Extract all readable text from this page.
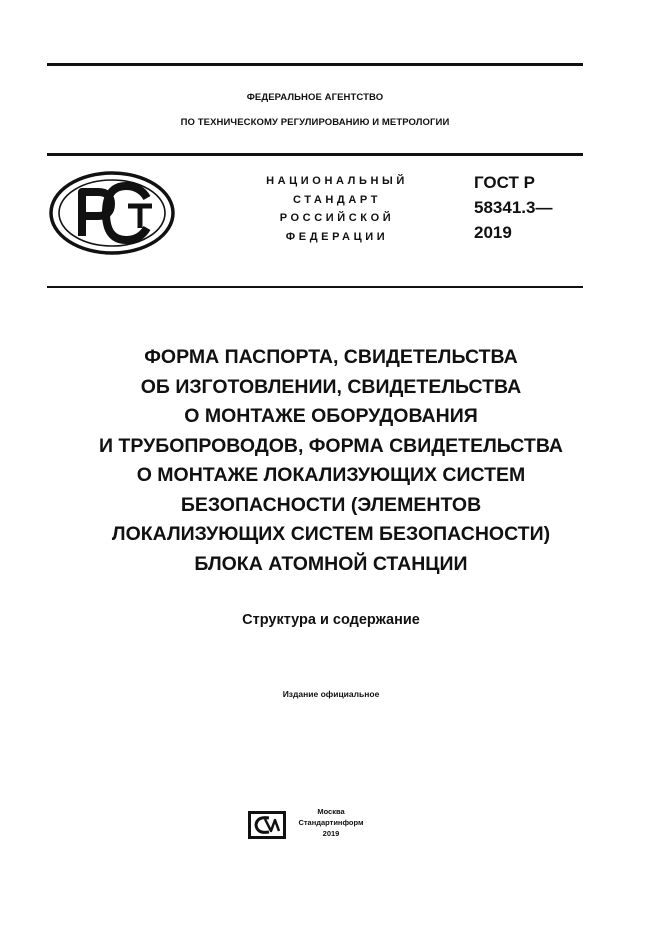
ФЕДЕРАЛЬНОЕ АГЕНТСТВО
ПО ТЕХНИЧЕСКОМУ РЕГУЛИРОВАНИЮ И МЕТРОЛОГИИ
НАЦИОНАЛЬНЫЙ
СТАНДАРТ
РОССИЙСКОЙ
ФЕДЕРАЦИИ
ГОСТ Р
58341.3—
2019
ФОРМА ПАСПОРТА, СВИДЕТЕЛЬСТВА
ОБ ИЗГОТОВЛЕНИИ, СВИДЕТЕЛЬСТВА
О МОНТАЖЕ ОБОРУДОВАНИЯ
И ТРУБОПРОВОДОВ, ФОРМА СВИДЕТЕЛЬСТВА
О МОНТАЖЕ ЛОКАЛИЗУЮЩИХ СИСТЕМ
БЕЗОПАСНОСТИ (ЭЛЕМЕНТОВ
ЛОКАЛИЗУЮЩИХ СИСТЕМ БЕЗОПАСНОСТИ)
БЛОКА АТОМНОЙ СТАНЦИИ
Структура и содержание
Издание официальное
Москва
Стандартинформ
2019
